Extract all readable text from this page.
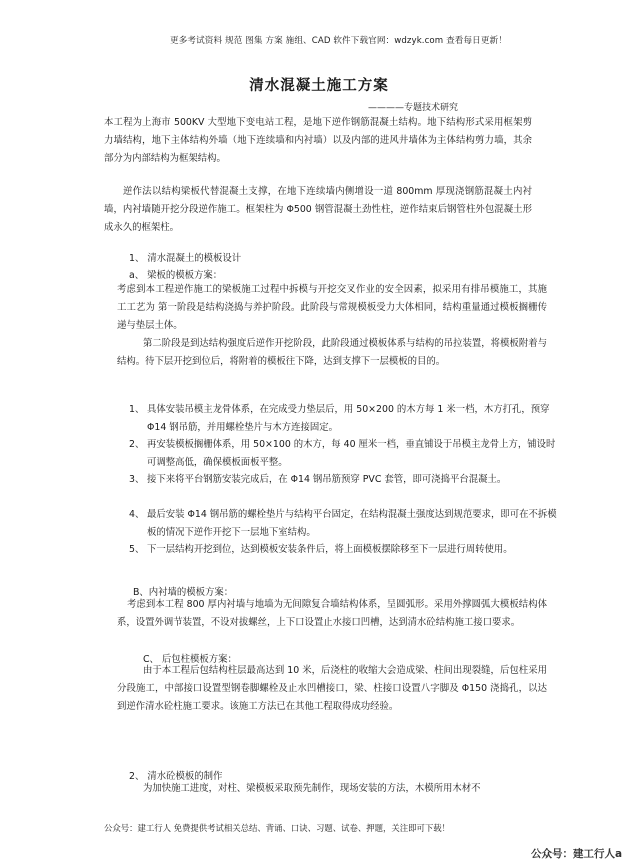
更多考试资料 规范 图集 方案 施组、CAD 软件下载官网：wdzyk.com 查看每日更新！
清水混凝土施工方案
————专题技术研究
本工程为上海市 500KV 大型地下变电站工程，是地下逆作钢筋混凝土结构。地下结构形式采用框架剪力墙结构，地下主体结构外墙（地下连续墙和内衬墙）以及内部的进风井墙体为主体结构剪力墙，其余部分为内部结构为框架结构。
逆作法以结构梁板代替混凝土支撑，在地下连续墙内侧增设一道 800mm 厚现浇钢筋混凝土内衬墙，内衬墙随开挖分段逆作施工。框架柱为 Φ500 钢管混凝土劲性柱，逆作结束后钢管柱外包混凝土形成永久的框架柱。
1、 清水混凝土的模板设计
a、 梁板的模板方案：
考虑到本工程逆作施工的梁板施工过程中拆模与开挖交叉作业的安全因素，拟采用有排吊模施工，其施工工艺为 第一阶段是结构浇捣与养护阶段。此阶段与常规模板受力大体相同，结构重量通过模板搁栅传递与垫层土体。
第二阶段是到达结构强度后逆作开挖阶段，此阶段通过模板体系与结构的吊拉装置，将模板附着与结构。待下层开挖到位后，将附着的模板往下降，达到支撑下一层模板的目的。
1、 具体安装吊模主龙骨体系，在完成受力垫层后，用 50×200 的木方每 1 米一档，木方打孔，预穿 Φ14 钢吊筋，并用螺栓垫片与木方连接固定。
2、 再安装模板搁栅体系，用 50×100 的木方，每 40 厘米一档，垂直铺设于吊模主龙骨上方，铺设时可调整高低，确保模板面板平整。
3、 接下来将平台钢筋安装完成后，在 Φ14 钢吊筋预穿 PVC 套管，即可浇捣平台混凝土。
4、 最后安装 Φ14 钢吊筋的螺栓垫片与结构平台固定，在结构混凝土强度达到规范要求，即可在不拆模板的情况下逆作开挖下一层地下室结构。
5、 下一层结构开挖到位，达到模板安装条件后，将上面模板摆除移至下一层进行周转使用。
B、内衬墙的模板方案：
考虑到本工程 800 厚内衬墙与地墙为无间隙复合墙结构体系，呈圆弧形。采用外撑圆弧大模板结构体系，设置外调节装置，不设对拔螺丝，上下口设置止水接口凹槽，达到清水砼结构施工接口要求。
C、 后包柱模板方案：
由于本工程后包结构柱层最高达到 10 米，后浇柱的收缩大会造成梁、柱间出现裂缝，后包柱采用分段施工，中部接口设置型钢卷脚螺栓及止水凹槽接口，梁、柱接口设置八字脚及 Φ150 浇捣孔，以达到逆作清水砼柱施工要求。该施工方法已在其他工程取得成功经验。
2、 清水砼模板的制作
为加快施工进度，对柱、梁模板采取预先制作，现场安装的方法，木模所用木材不
公众号：建工行人 免费提供考试相关总结、背诵、口诀、习题、试卷、押题，关注即可下载！
公众号：建工行人a
